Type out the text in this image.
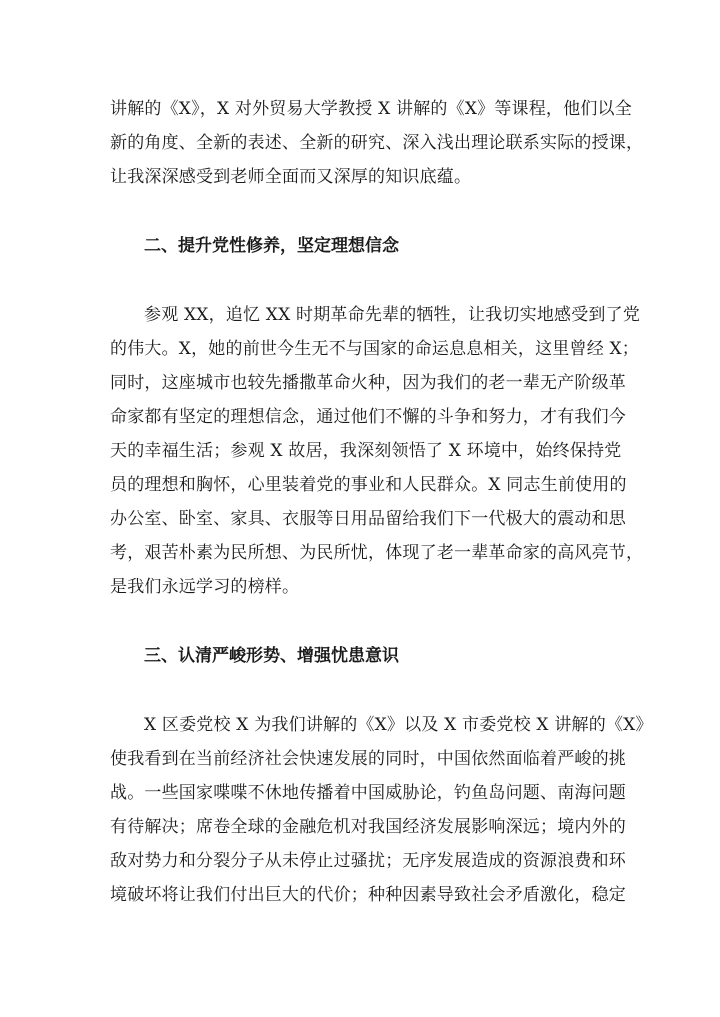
讲解的《X》，X 对外贸易大学教授 X 讲解的《X》等课程，他们以全
新的角度、全新的表述、全新的研究、深入浅出理论联系实际的授课，
让我深深感受到老师全面而又深厚的知识底蕴。
二、提升党性修养，坚定理想信念
参观 XX，追忆 XX 时期革命先辈的牺牲，让我切实地感受到了党
的伟大。X，她的前世今生无不与国家的命运息息相关，这里曾经 X；
同时，这座城市也较先播撒革命火种，因为我们的老一辈无产阶级革
命家都有坚定的理想信念，通过他们不懈的斗争和努力，才有我们今
天的幸福生活；参观 X 故居，我深刻领悟了 X 环境中，始终保持党
员的理想和胸怀，心里装着党的事业和人民群众。X 同志生前使用的
办公室、卧室、家具、衣服等日用品留给我们下一代极大的震动和思
考，艰苦朴素为民所想、为民所忧，体现了老一辈革命家的高风亮节，
是我们永远学习的榜样。
三、认清严峻形势、增强忧患意识
X 区委党校 X 为我们讲解的《X》以及 X 市委党校 X 讲解的《X》
使我看到在当前经济社会快速发展的同时，中国依然面临着严峻的挑
战。一些国家喋喋不休地传播着中国威胁论，钓鱼岛问题、南海问题
有待解决；席卷全球的金融危机对我国经济发展影响深远；境内外的
敌对势力和分裂分子从未停止过骚扰；无序发展造成的资源浪费和环
境破坏将让我们付出巨大的代价；种种因素导致社会矛盾激化，稳定
